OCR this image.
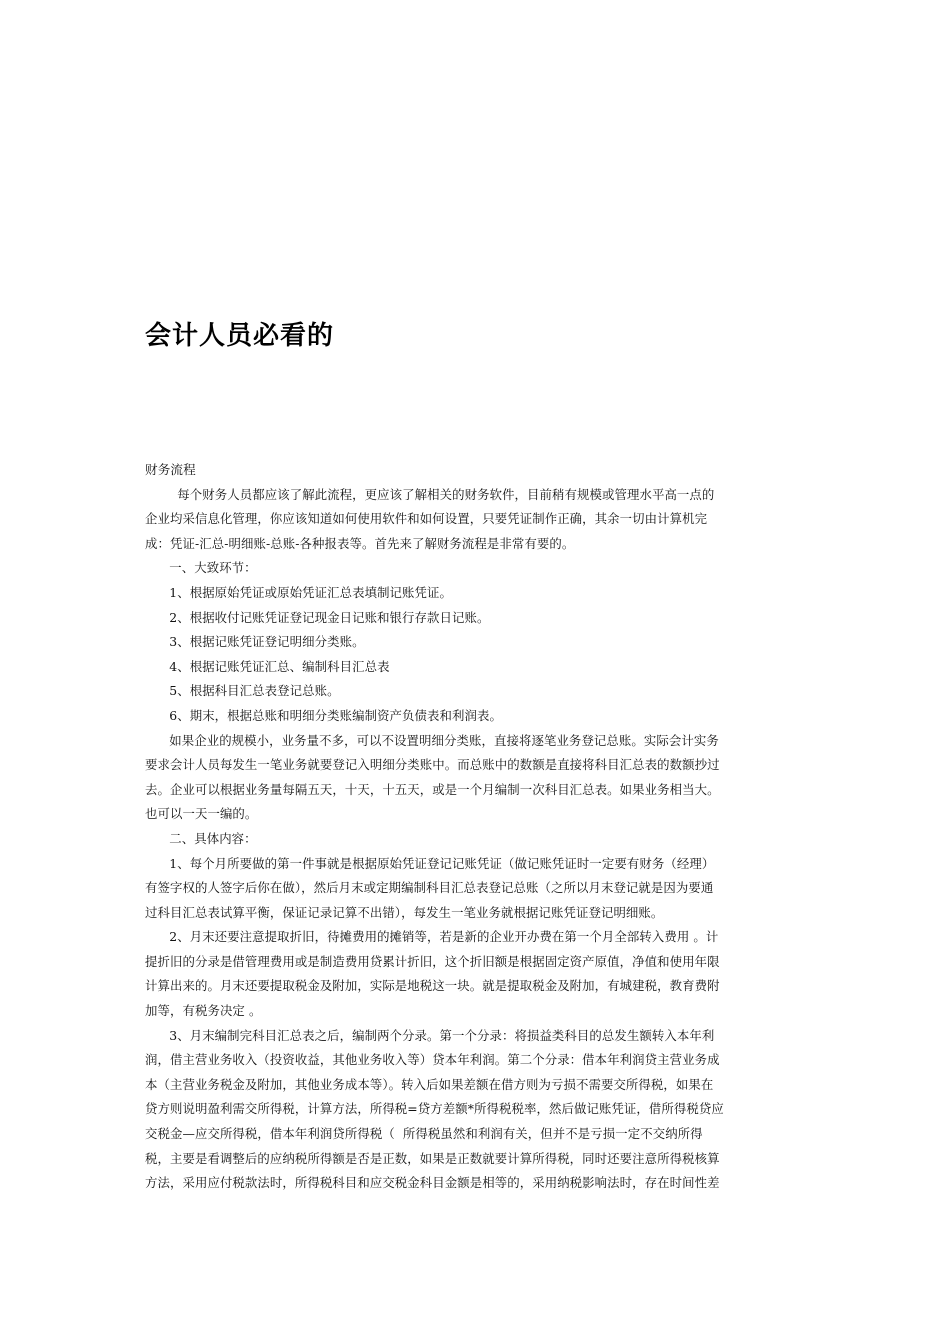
会计人员必看的
财务流程
每个财务人员都应该了解此流程，更应该了解相关的财务软件，目前稍有规模或管理水平高一点的
企业均采信息化管理，你应该知道如何使用软件和如何设置，只要凭证制作正确，其余一切由计算机完
成：凭证-汇总-明细账-总账-各种报表等。首先来了解财务流程是非常有要的。
一、大致环节：
1、根据原始凭证或原始凭证汇总表填制记账凭证。
2、根据收付记账凭证登记现金日记账和银行存款日记账。
3、根据记账凭证登记明细分类账。
4、根据记账凭证汇总、编制科目汇总表
5、根据科目汇总表登记总账。
6、期末，根据总账和明细分类账编制资产负债表和利润表。
如果企业的规模小，业务量不多，可以不设置明细分类账，直接将逐笔业务登记总账。实际会计实务
要求会计人员每发生一笔业务就要登记入明细分类账中。而总账中的数额是直接将科目汇总表的数额抄过
去。企业可以根据业务量每隔五天，十天，十五天，或是一个月编制一次科目汇总表。如果业务相当大。
也可以一天一编的。
二、具体内容：
1、每个月所要做的第一件事就是根据原始凭证登记记账凭证（做记账凭证时一定要有财务（经理）
有签字权的人签字后你在做），然后月末或定期编制科目汇总表登记总账（之所以月末登记就是因为要通
过科目汇总表试算平衡，保证记录记算不出错），每发生一笔业务就根据记账凭证登记明细账。
2、月末还要注意提取折旧，待摊费用的摊销等，若是新的企业开办费在第一个月全部转入费用 。计
提折旧的分录是借管理费用或是制造费用贷累计折旧，这个折旧额是根据固定资产原值，净值和使用年限
计算出来的。月末还要提取税金及附加，实际是地税这一块。就是提取税金及附加，有城建税，教育费附
加等，有税务决定 。
3、月末编制完科目汇总表之后，编制两个分录。第一个分录：将损益类科目的总发生额转入本年利
润，借主营业务收入（投资收益，其他业务收入等）贷本年利润。第二个分录：借本年利润贷主营业务成
本（主营业务税金及附加，其他业务成本等）。转入后如果差额在借方则为亏损不需要交所得税，如果在
贷方则说明盈利需交所得税，计算方法，所得税=贷方差额*所得税税率，然后做记账凭证，借所得税贷应
交税金—应交所得税，借本年利润贷所得税（  所得税虽然和利润有关，但并不是亏损一定不交纳所得
税，主要是看调整后的应纳税所得额是否是正数，如果是正数就要计算所得税，同时还要注意所得税核算
方法，采用应付税款法时，所得税科目和应交税金科目金额是相等的，采用纳税影响法时，存在时间性差
